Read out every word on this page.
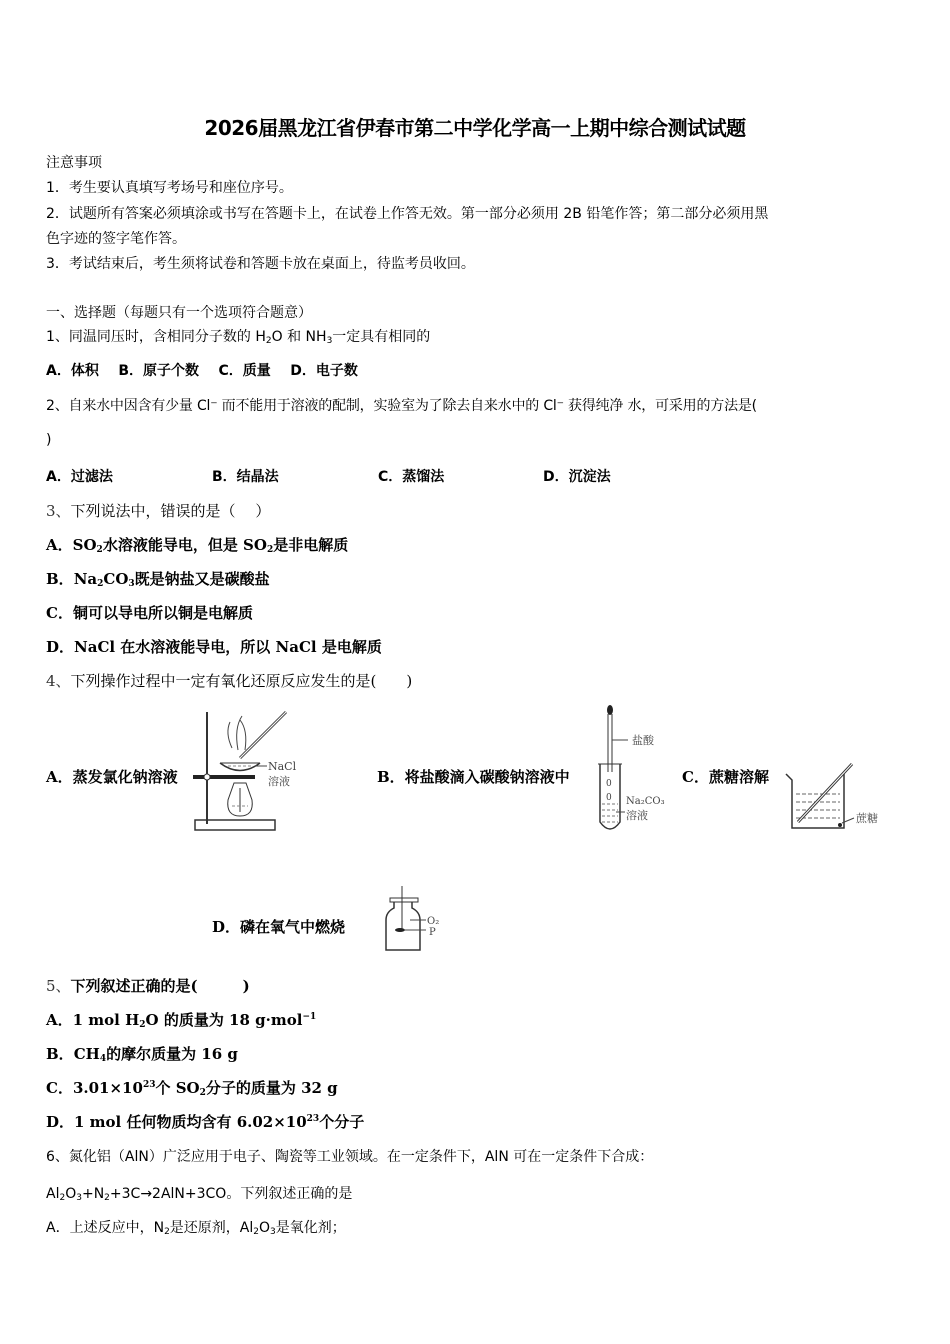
2026届黑龙江省伊春市第二中学化学高一上期中综合测试试题
注意事项
1．考生要认真填写考场号和座位序号。
2．试题所有答案必须填涂或书写在答题卡上，在试卷上作答无效。第一部分必须用 2B 铅笔作答；第二部分必须用黑
色字迹的签字笔作答。
3．考试结束后，考生须将试卷和答题卡放在桌面上，待监考员收回。
一、选择题（每题只有一个选项符合题意）
1、同温同压时，含相同分子数的 $H_2O$ 和 $NH_3$一定具有相同的
A．体积 B．原子个数 C．质量 D．电子数
2、自来水中因含有少量 Cl⁻ 而不能用于溶液的配制，实验室为了除去自来水中的 Cl⁻ 获得纯净 水，可采用的方法是(
)
A．过滤法	B．结晶法	C．蒸馏法	D．沉淀法
3、下列说法中，错误的是（　 ）
A．$SO_2$水溶液能导电，但是 $SO_2$是非电解质
B．$Na_2CO_3$既是钠盐又是碳酸盐
C．铜可以导电所以铜是电解质
D．NaCl 在水溶液能导电，所以 NaCl 是电解质
4、下列操作过程中一定有氧化还原反应发生的是(　　)
A．蒸发氯化钠溶液
NaCl
溶液	B．将盐酸滴入碳酸钠溶液中	0
0
盐酸
Na₂CO₃
溶液
C．蔗糖溶解
蔗糖
D．磷在氧气中燃烧	O₂
P
5、下列叙述正确的是(　　　)
A．1 mol $H_2O$ 的质量为 18 g·mol$^{-1}$
B．$CH_4$的摩尔质量为 16 g
C．$3.01\times 10^{23}$个 $SO_2$分子的质量为 32 g
D．1 mol 任何物质均含有 $6.02\times 10^{23}$个分子
6、氮化铝（AlN）广泛应用于电子、陶瓷等工业领域。在一定条件下，AlN 可在一定条件下合成：
$Al_2O_3+N_2+3C\to 2AlN+3CO$。下列叙述正确的是
A．上述反应中，$N_2$是还原剂，$Al_2O_3$是氧化剂；
